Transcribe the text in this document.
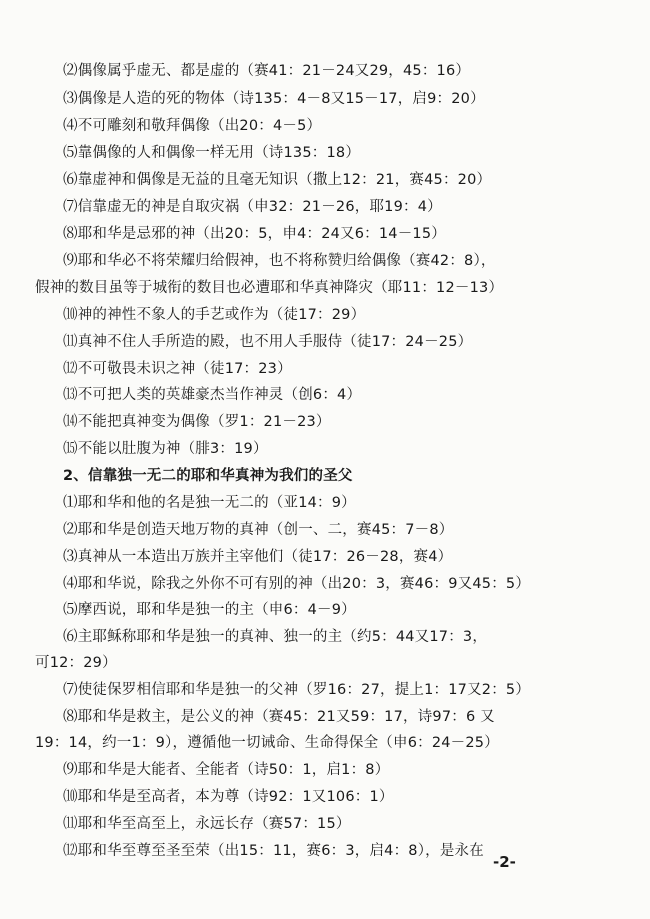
⑵偶像属乎虚无、都是虚的（赛41：21－24又29，45：16）
⑶偶像是人造的死的物体（诗135：4－8又15－17，启9：20）
⑷不可雕刻和敬拜偶像（出20：4－5）
⑸靠偶像的人和偶像一样无用（诗135：18）
⑹靠虚神和偶像是无益的且毫无知识（撒上12：21，赛45：20）
⑺信靠虚无的神是自取灾祸（申32：21－26，耶19：4）
⑻耶和华是忌邪的神（出20：5，申4：24又6：14－15）
⑼耶和华必不将荣耀归给假神，也不将称赞归给偶像（赛42：8），
假神的数目虽等于城衔的数目也必遭耶和华真神降灾（耶11：12－13）
⑽神的神性不象人的手艺或作为（徒17：29）
⑾真神不住人手所造的殿，也不用人手服侍（徒17：24－25）
⑿不可敬畏未识之神（徒17：23）
⒀不可把人类的英雄豪杰当作神灵（创6：4）
⒁不能把真神变为偶像（罗1：21－23）
⒂不能以肚腹为神（腓3：19）
2、信靠独一无二的耶和华真神为我们的圣父
⑴耶和华和他的名是独一无二的（亚14：9）
⑵耶和华是创造天地万物的真神（创一、二，赛45：7－8）
⑶真神从一本造出万族并主宰他们（徒17：26－28，赛4）
⑷耶和华说，除我之外你不可有别的神（出20：3，赛46：9又45：5）
⑸摩西说，耶和华是独一的主（申6：4－9）
⑹主耶稣称耶和华是独一的真神、独一的主（约5：44又17：3，
可12：29）
⑺使徒保罗相信耶和华是独一的父神（罗16：27，提上1：17又2：5）
⑻耶和华是救主，是公义的神（赛45：21又59：17，诗97：6 又
19：14，约一1：9），遵循他一切诫命、生命得保全（申6：24－25）
⑼耶和华是大能者、全能者（诗50：1，启1：8）
⑽耶和华是至高者，本为尊（诗92：1又106：1）
⑾耶和华至高至上，永远长存（赛57：15）
⑿耶和华至尊至圣至荣（出15：11，赛6：3，启4：8），是永在
-2-
